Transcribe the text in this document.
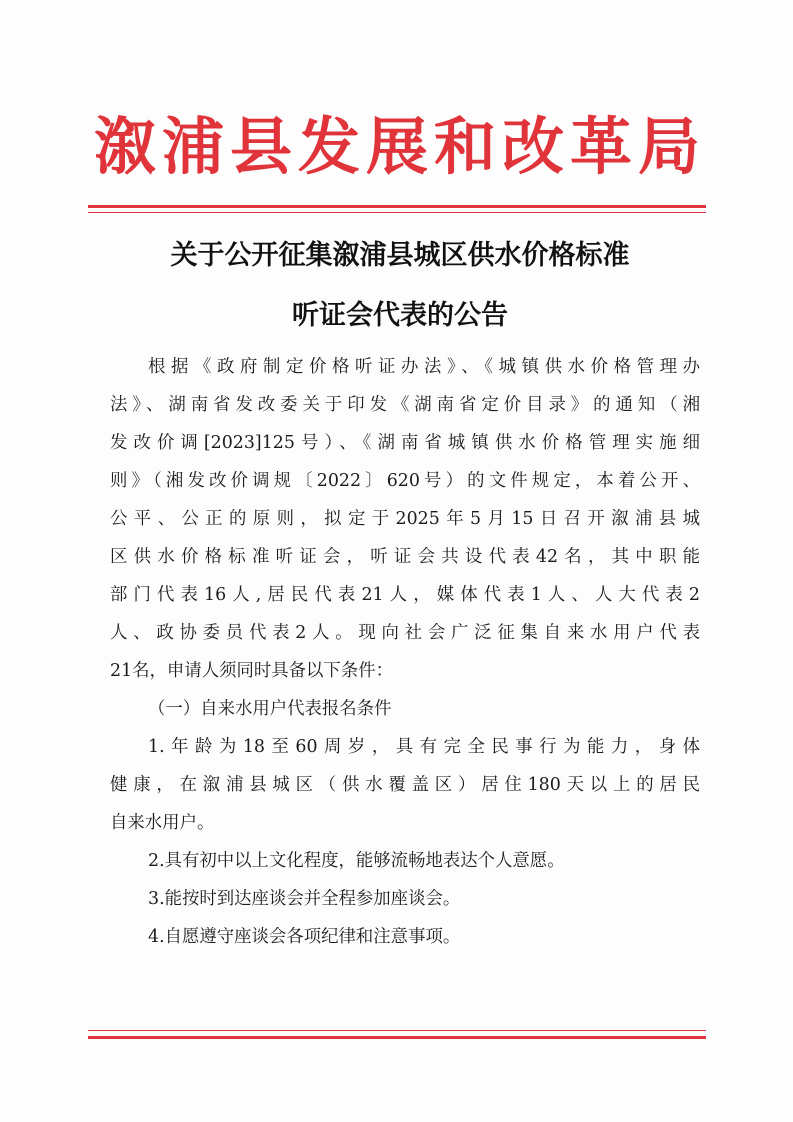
溆浦县发展和改革局
关于公开征集溆浦县城区供水价格标准
听证会代表的公告
根据《政府制定价格听证办法》、《城镇供水价格管理办
法》、湖南省发改委关于印发《湖南省定价目录》的通知（湘
发改价调[2023]125号）、《湖南省城镇供水价格管理实施细
则》（湘发改价调规〔2022〕620号）的文件规定，本着公开、
公平、公正的原则，拟定于2025年5月15日召开溆浦县城
区供水价格标准听证会，听证会共设代表42名，其中职能
部门代表16人,居民代表21人，媒体代表1人、人大代表2
人、政协委员代表2人。现向社会广泛征集自来水用户代表
21名，申请人须同时具备以下条件：
（一）自来水用户代表报名条件
1.年龄为18至60周岁，具有完全民事行为能力，身体
健康，在溆浦县城区（供水覆盖区）居住180天以上的居民
自来水用户。
2.具有初中以上文化程度，能够流畅地表达个人意愿。
3.能按时到达座谈会并全程参加座谈会。
4.自愿遵守座谈会各项纪律和注意事项。
